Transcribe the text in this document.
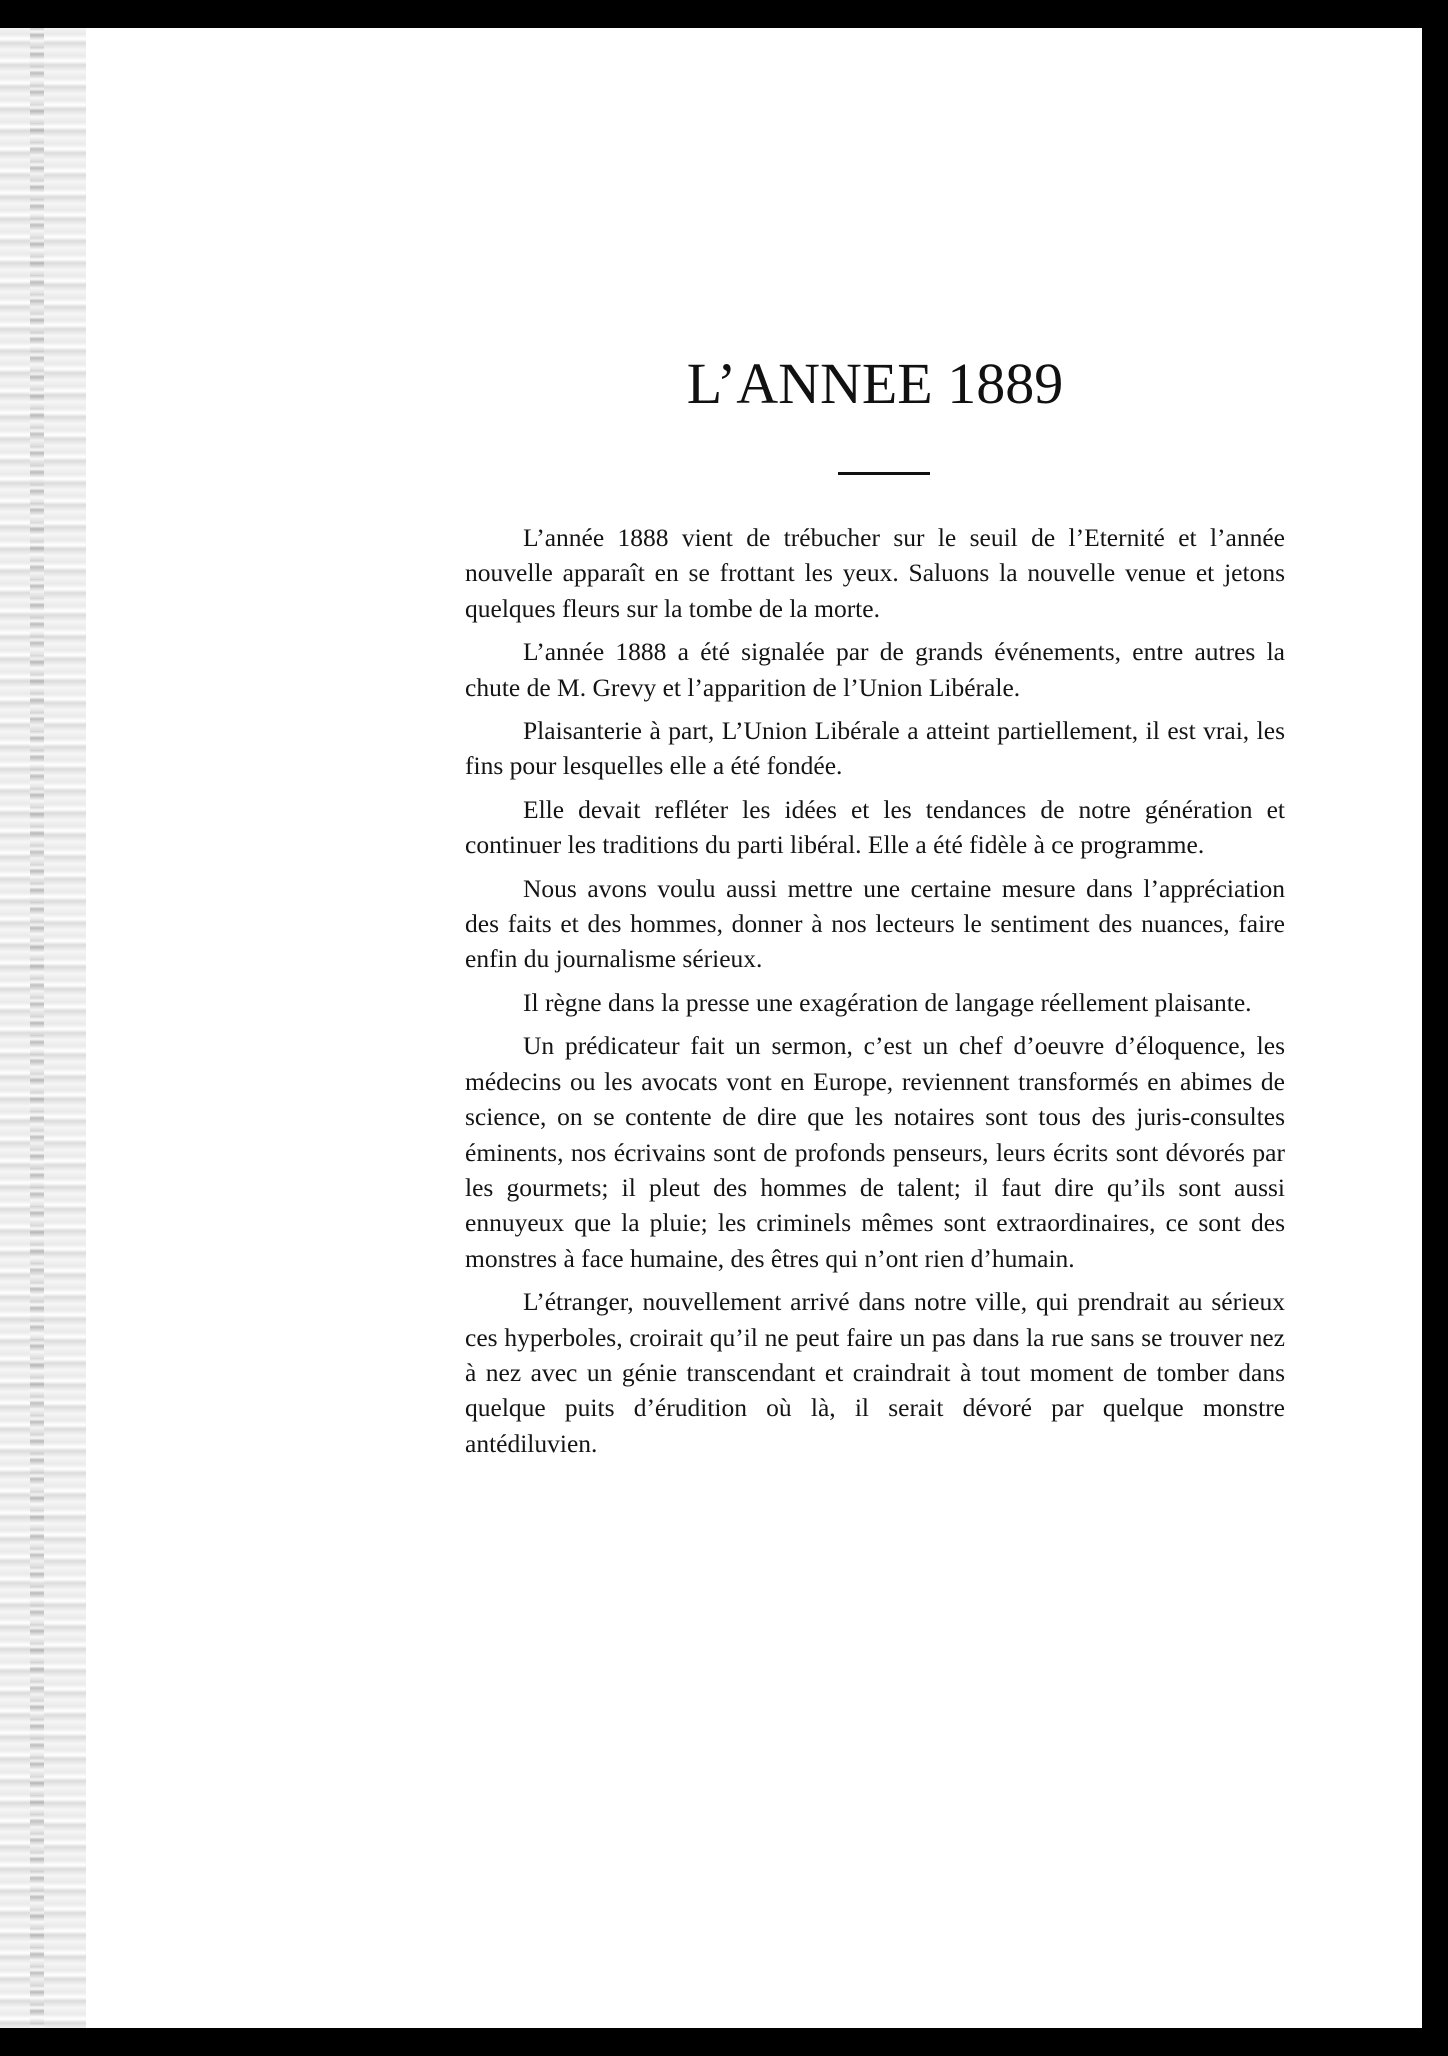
L’ANNEE 1889

L’année 1888 vient de trébucher sur le seuil de l’Eternité et l’année nouvelle apparaît en se frottant les yeux. Saluons la nouvelle venue et jetons quelques fleurs sur la tombe de la morte.

L’année 1888 a été signalée par de grands événements, entre autres la chute de M. Grevy et l’apparition de l’Union Libérale.

Plaisanterie à part, L’Union Libérale a atteint partiellement, il est vrai, les fins pour lesquelles elle a été fondée.

Elle devait refléter les idées et les tendances de notre génération et continuer les traditions du parti libéral. Elle a été fidèle à ce programme.

Nous avons voulu aussi mettre une certaine mesure dans l’appréciation des faits et des hommes, donner à nos lecteurs le sentiment des nuances, faire enfin du journalisme sérieux.

Il règne dans la presse une exagération de langage réellement plaisante.

Un prédicateur fait un sermon, c’est un chef d’oeuvre d’éloquence, les médecins ou les avocats vont en Europe, reviennent transformés en abimes de science, on se contente de dire que les notaires sont tous des juris-consultes éminents, nos écrivains sont de profonds penseurs, leurs écrits sont dévorés par les gourmets; il pleut des hommes de talent; il faut dire qu’ils sont aussi ennuyeux que la pluie; les criminels mêmes sont extraordinaires, ce sont des monstres à face humaine, des êtres qui n’ont rien d’humain.

L’étranger, nouvellement arrivé dans notre ville, qui prendrait au sérieux ces hyperboles, croirait qu’il ne peut faire un pas dans la rue sans se trouver nez à nez avec un génie transcendant et craindrait à tout moment de tomber dans quelque puits d’érudition où là, il serait dévoré par quelque monstre antédiluvien.
